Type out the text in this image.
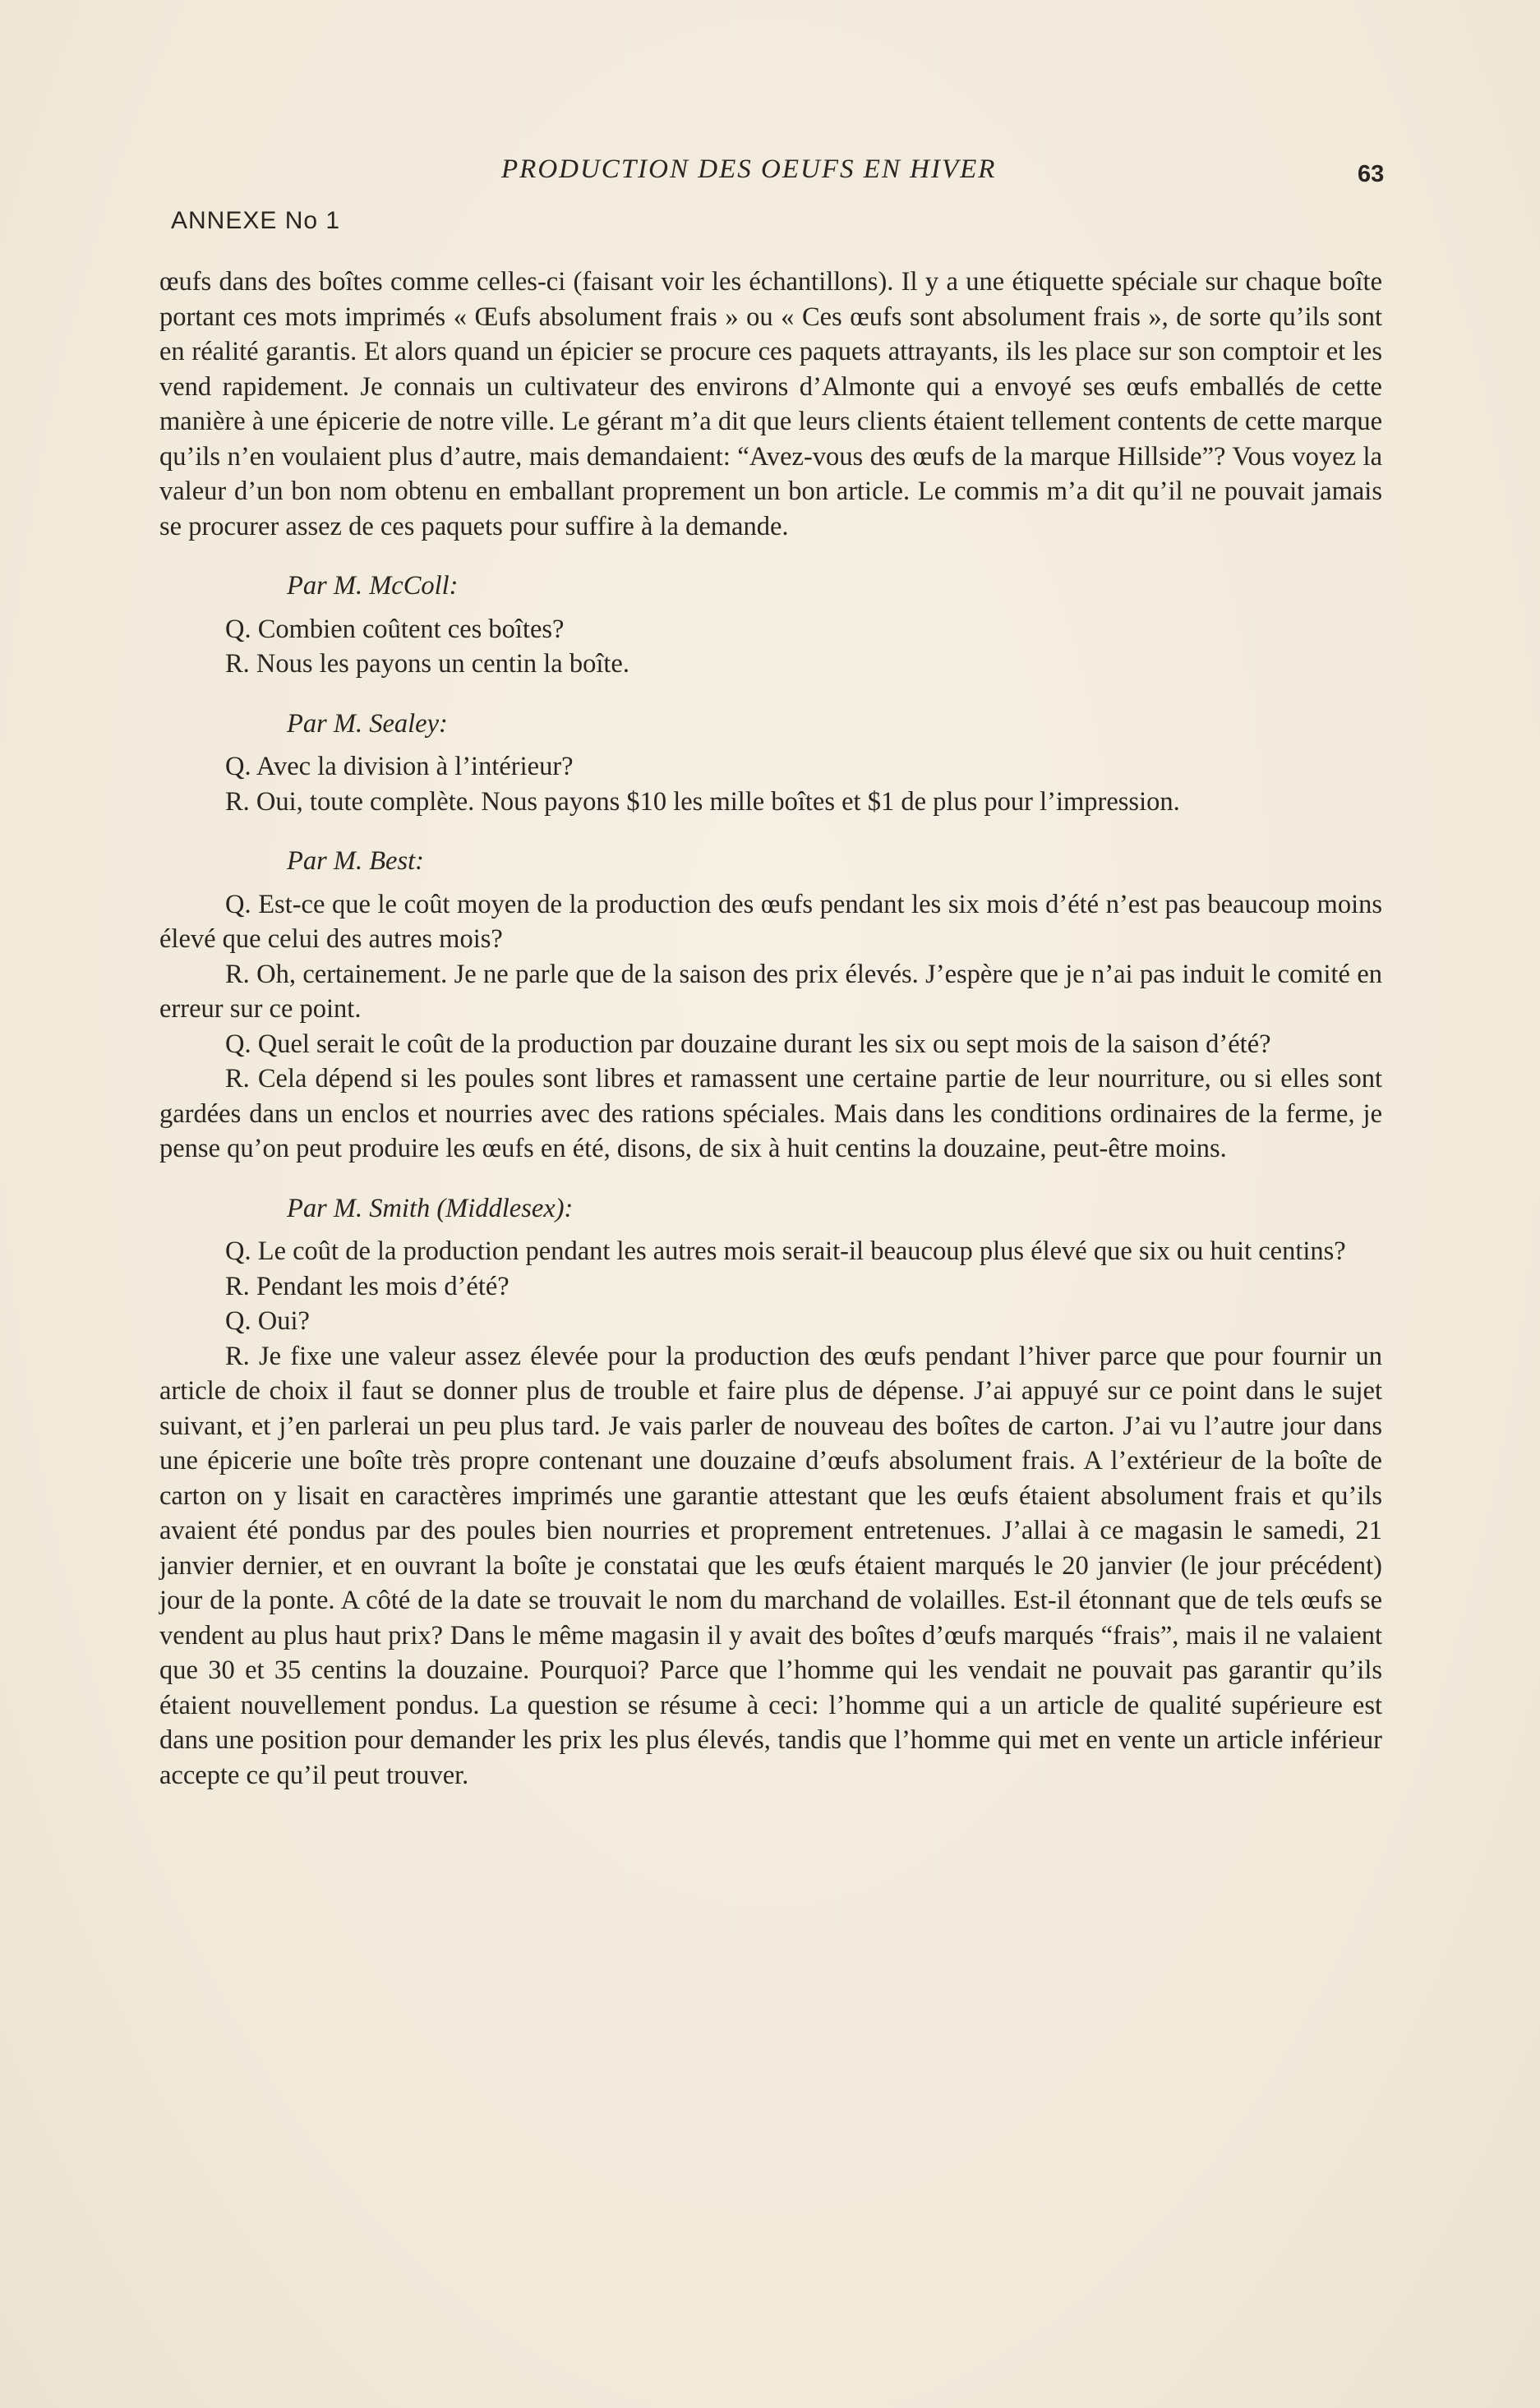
PRODUCTION DES OEUFS EN HIVER	63
ANNEXE No 1

œufs dans des boîtes comme celles-ci (faisant voir les échantillons). Il y a une étiquette spéciale sur chaque boîte portant ces mots imprimés « Œufs absolument frais » ou « Ces œufs sont absolument frais », de sorte qu’ils sont en réalité garantis. Et alors quand un épicier se procure ces paquets attrayants, ils les place sur son comptoir et les vend rapidement. Je connais un cultivateur des environs d’Almonte qui a envoyé ses œufs emballés de cette manière à une épicerie de notre ville. Le gérant m’a dit que leurs clients étaient tellement contents de cette marque qu’ils n’en voulaient plus d’autre, mais demandaient: “Avez-vous des œufs de la marque Hillside”? Vous voyez la valeur d’un bon nom obtenu en emballant proprement un bon article. Le commis m’a dit qu’il ne pouvait jamais se procurer assez de ces paquets pour suffire à la demande.

Par M. McColl:

Q. Combien coûtent ces boîtes?

R. Nous les payons un centin la boîte.

Par M. Sealey:

Q. Avec la division à l’intérieur?

R. Oui, toute complète. Nous payons $10 les mille boîtes et $1 de plus pour l’impression.

Par M. Best:

Q. Est-ce que le coût moyen de la production des œufs pendant les six mois d’été n’est pas beaucoup moins élevé que celui des autres mois?

R. Oh, certainement. Je ne parle que de la saison des prix élevés. J’espère que je n’ai pas induit le comité en erreur sur ce point.

Q. Quel serait le coût de la production par douzaine durant les six ou sept mois de la saison d’été?

R. Cela dépend si les poules sont libres et ramassent une certaine partie de leur nourriture, ou si elles sont gardées dans un enclos et nourries avec des rations spéciales. Mais dans les conditions ordinaires de la ferme, je pense qu’on peut produire les œufs en été, disons, de six à huit centins la douzaine, peut-être moins.

Par M. Smith (Middlesex):

Q. Le coût de la production pendant les autres mois serait-il beaucoup plus élevé que six ou huit centins?

R. Pendant les mois d’été?

Q. Oui?

R. Je fixe une valeur assez élevée pour la production des œufs pendant l’hiver parce que pour fournir un article de choix il faut se donner plus de trouble et faire plus de dépense. J’ai appuyé sur ce point dans le sujet suivant, et j’en parlerai un peu plus tard. Je vais parler de nouveau des boîtes de carton. J’ai vu l’autre jour dans une épicerie une boîte très propre contenant une douzaine d’œufs absolument frais. A l’extérieur de la boîte de carton on y lisait en caractères imprimés une garantie attestant que les œufs étaient absolument frais et qu’ils avaient été pondus par des poules bien nourries et proprement entretenues. J’allai à ce magasin le samedi, 21 janvier dernier, et en ouvrant la boîte je constatai que les œufs étaient marqués le 20 janvier (le jour précédent) jour de la ponte. A côté de la date se trouvait le nom du marchand de volailles. Est-il étonnant que de tels œufs se vendent au plus haut prix? Dans le même magasin il y avait des boîtes d’œufs marqués “frais”, mais il ne valaient que 30 et 35 centins la douzaine. Pourquoi? Parce que l’homme qui les vendait ne pouvait pas garantir qu’ils étaient nouvellement pondus. La question se résume à ceci: l’homme qui a un article de qualité supérieure est dans une position pour demander les prix les plus élevés, tandis que l’homme qui met en vente un article inférieur accepte ce qu’il peut trouver.
